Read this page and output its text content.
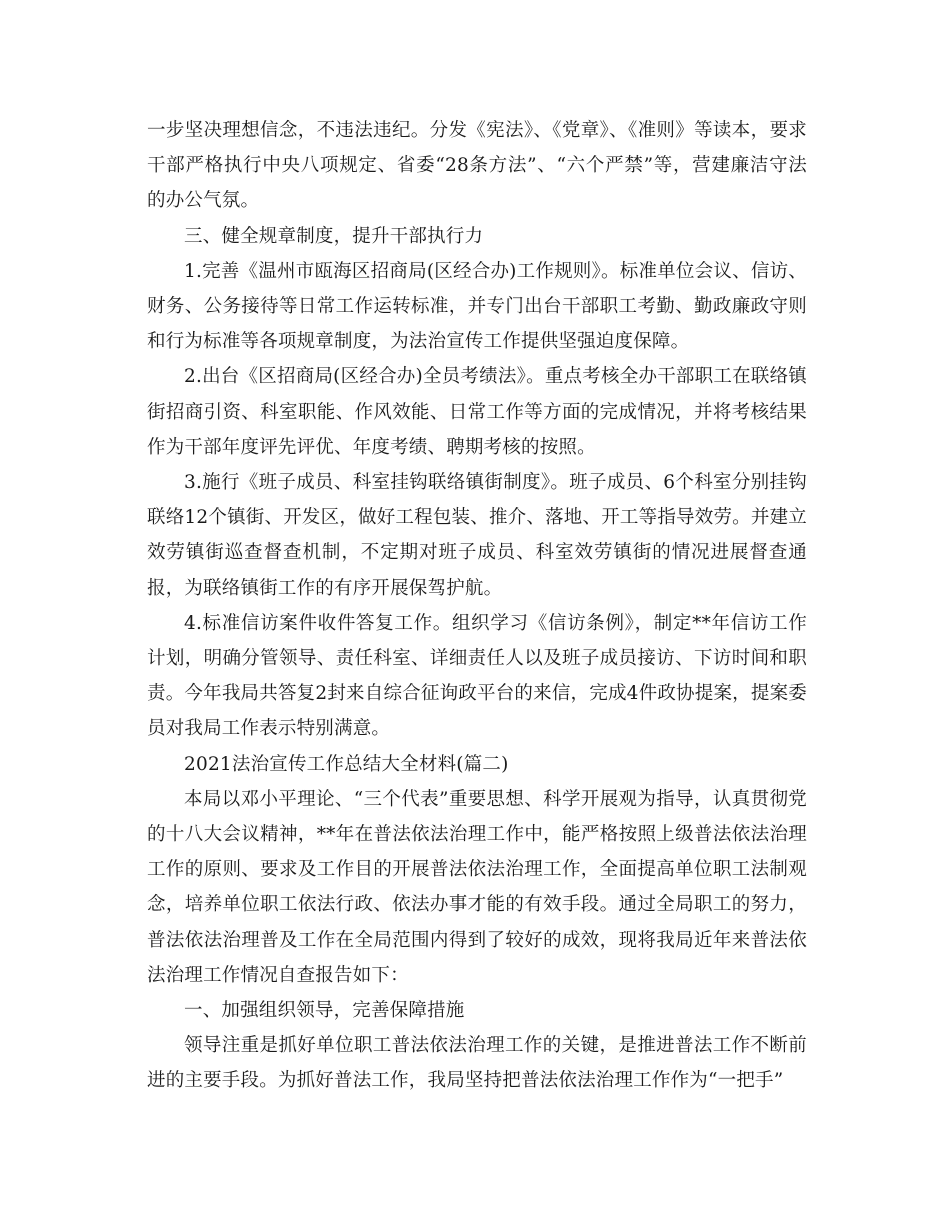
一步坚决理想信念，不违法违纪。分发《宪法》、《党章》、《准则》等读本，要求干部严格执行中央八项规定、省委“28条方法”、“六个严禁”等，营建廉洁守法的办公气氛。

三、健全规章制度，提升干部执行力

1.完善《温州市瓯海区招商局(区经合办)工作规则》。标准单位会议、信访、财务、公务接待等日常工作运转标准，并专门出台干部职工考勤、勤政廉政守则和行为标准等各项规章制度，为法治宣传工作提供坚强迫度保障。

2.出台《区招商局(区经合办)全员考绩法》。重点考核全办干部职工在联络镇街招商引资、科室职能、作风效能、日常工作等方面的完成情况，并将考核结果作为干部年度评先评优、年度考绩、聘期考核的按照。

3.施行《班子成员、科室挂钩联络镇街制度》。班子成员、6个科室分别挂钩联络12个镇街、开发区，做好工程包装、推介、落地、开工等指导效劳。并建立效劳镇街巡查督查机制，不定期对班子成员、科室效劳镇街的情况进展督查通报，为联络镇街工作的有序开展保驾护航。

4.标准信访案件收件答复工作。组织学习《信访条例》，制定**年信访工作计划，明确分管领导、责任科室、详细责任人以及班子成员接访、下访时间和职责。今年我局共答复2封来自综合征询政平台的来信，完成4件政协提案，提案委员对我局工作表示特别满意。

2021法治宣传工作总结大全材料(篇二)

本局以邓小平理论、“三个代表”重要思想、科学开展观为指导，认真贯彻党的十八大会议精神，**年在普法依法治理工作中，能严格按照上级普法依法治理工作的原则、要求及工作目的开展普法依法治理工作，全面提高单位职工法制观念，培养单位职工依法行政、依法办事才能的有效手段。通过全局职工的努力，普法依法治理普及工作在全局范围内得到了较好的成效，现将我局近年来普法依法治理工作情况自查报告如下：

一、加强组织领导，完善保障措施

领导注重是抓好单位职工普法依法治理工作的关键，是推进普法工作不断前进的主要手段。为抓好普法工作，我局坚持把普法依法治理工作作为“一把手”
